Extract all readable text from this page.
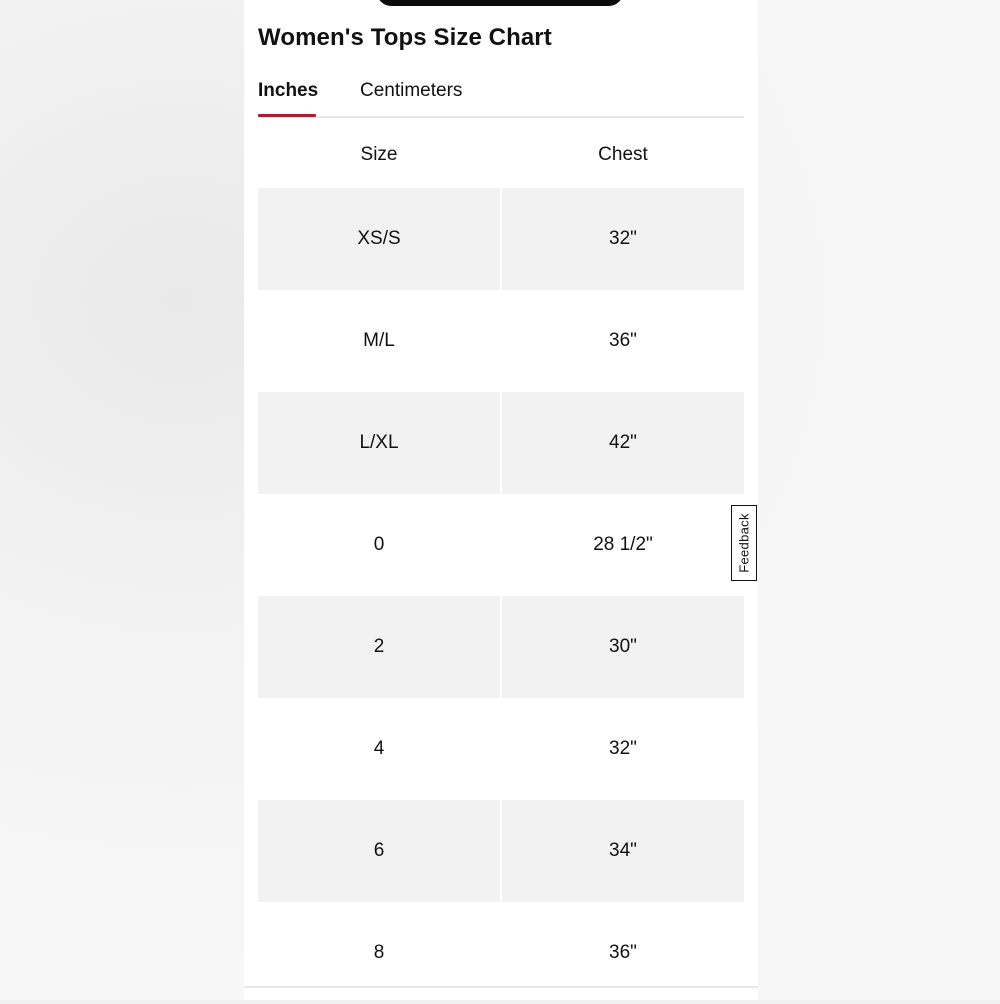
Women's Tops Size Chart
Inches Centimeters
Size	Chest
XS/S	32"
M/L	36"
L/XL	42"
0	28 1/2"
2	30"
4	32"
6	34"
8	36"
Feedback
